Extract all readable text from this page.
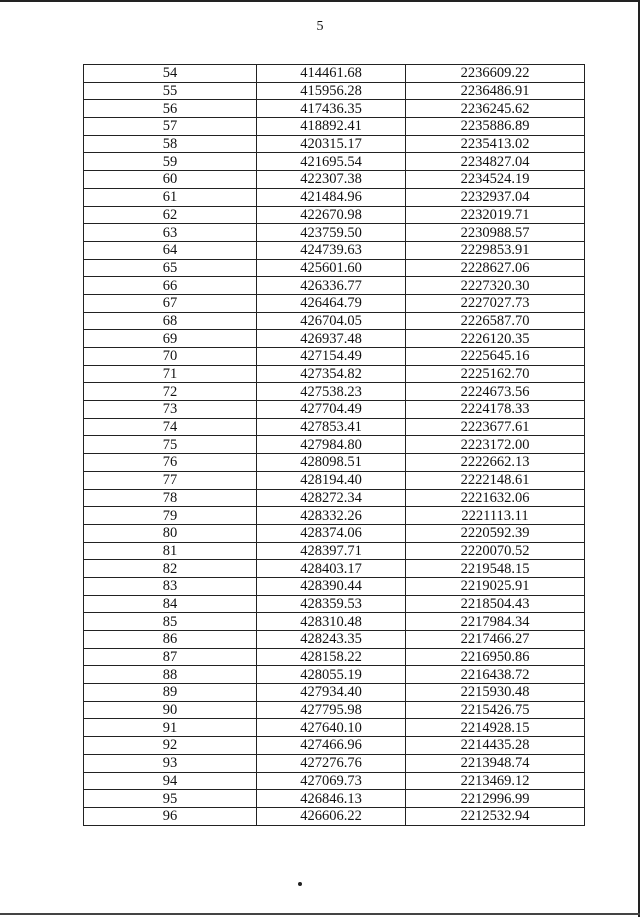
5
54	414461.68	2236609.22
55	415956.28	2236486.91
56	417436.35	2236245.62
57	418892.41	2235886.89
58	420315.17	2235413.02
59	421695.54	2234827.04
60	422307.38	2234524.19
61	421484.96	2232937.04
62	422670.98	2232019.71
63	423759.50	2230988.57
64	424739.63	2229853.91
65	425601.60	2228627.06
66	426336.77	2227320.30
67	426464.79	2227027.73
68	426704.05	2226587.70
69	426937.48	2226120.35
70	427154.49	2225645.16
71	427354.82	2225162.70
72	427538.23	2224673.56
73	427704.49	2224178.33
74	427853.41	2223677.61
75	427984.80	2223172.00
76	428098.51	2222662.13
77	428194.40	2222148.61
78	428272.34	2221632.06
79	428332.26	2221113.11
80	428374.06	2220592.39
81	428397.71	2220070.52
82	428403.17	2219548.15
83	428390.44	2219025.91
84	428359.53	2218504.43
85	428310.48	2217984.34
86	428243.35	2217466.27
87	428158.22	2216950.86
88	428055.19	2216438.72
89	427934.40	2215930.48
90	427795.98	2215426.75
91	427640.10	2214928.15
92	427466.96	2214435.28
93	427276.76	2213948.74
94	427069.73	2213469.12
95	426846.13	2212996.99
96	426606.22	2212532.94
